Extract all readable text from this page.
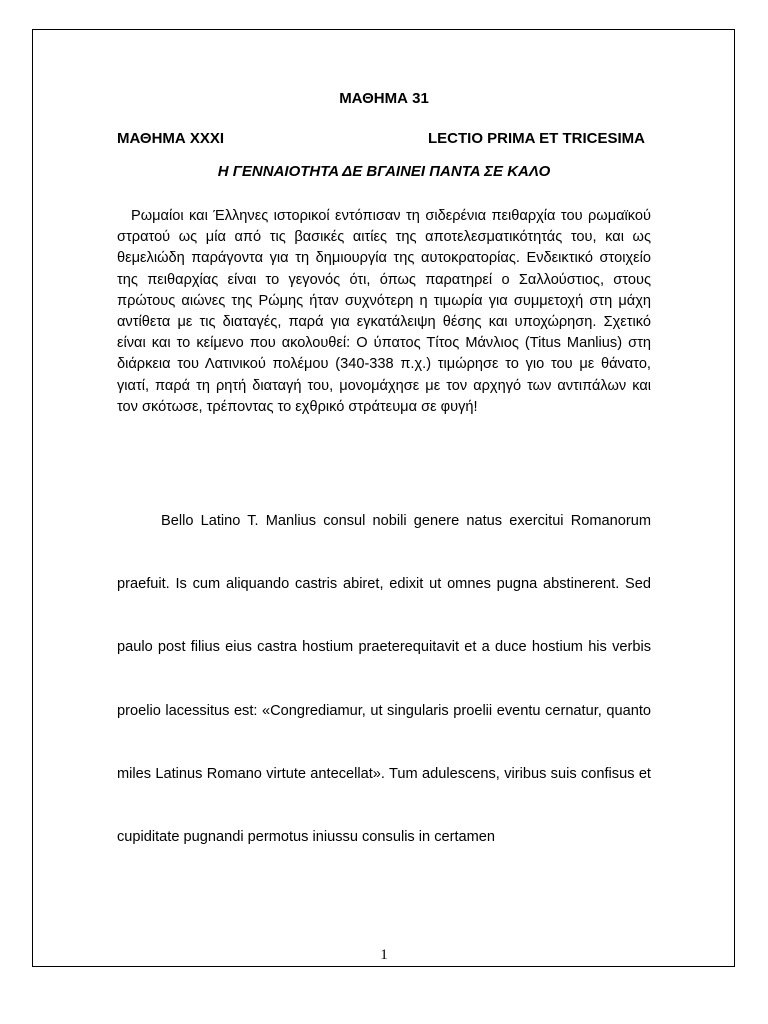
ΜΑΘΗΜΑ 31
ΜΑΘΗΜΑ XXXI	LECTIO PRIMA ET TRICESIMA
Η ΓΕΝΝΑΙΟΤΗΤΑ ΔΕ ΒΓΑΙΝΕΙ ΠΑΝΤΑ ΣΕ ΚΑΛΟ

Ρωμαίοι και Έλληνες ιστορικοί εντόπισαν τη σιδερένια πειθαρχία του ρωμαϊκού στρατού ως μία από τις βασικές αιτίες της αποτελεσματικότητάς του, και ως θεμελιώδη παράγοντα για τη δημιουργία της αυτοκρατορίας. Ενδεικτικό στοιχείο της πειθαρχίας είναι το γεγονός ότι, όπως παρατηρεί ο Σαλλούστιος, στους πρώτους αιώνες της Ρώμης ήταν συχνότερη η τιμωρία για συμμετοχή στη μάχη αντίθετα με τις διαταγές, παρά για εγκατάλειψη θέσης και υποχώρηση. Σχετικό είναι και το κείμενο που ακολουθεί: Ο ύπατος Τίτος Μάνλιος (Titus Manlius) στη διάρκεια του Λατινικού πολέμου (340-338 π.χ.) τιμώρησε το γιο του με θάνατο, γιατί, παρά τη ρητή διαταγή του, μονομάχησε με τον αρχηγό των αντιπάλων και τον σκότωσε, τρέποντας το εχθρικό στράτευμα σε φυγή!

Bello Latino T. Manlius consul nobili genere natus exercitui Romanorum praefuit. Is cum aliquando castris abiret, edixit ut omnes pugna abstinerent. Sed paulo post filius eius castra hostium praeterequitavit et a duce hostium his verbis proelio lacessitus est: «Congrediamur, ut singularis proelii eventu cernatur, quanto miles Latinus Romano virtute antecellat». Tum adulescens, viribus suis confisus et cupiditate pugnandi permotus iniussu consulis in certamen

1
